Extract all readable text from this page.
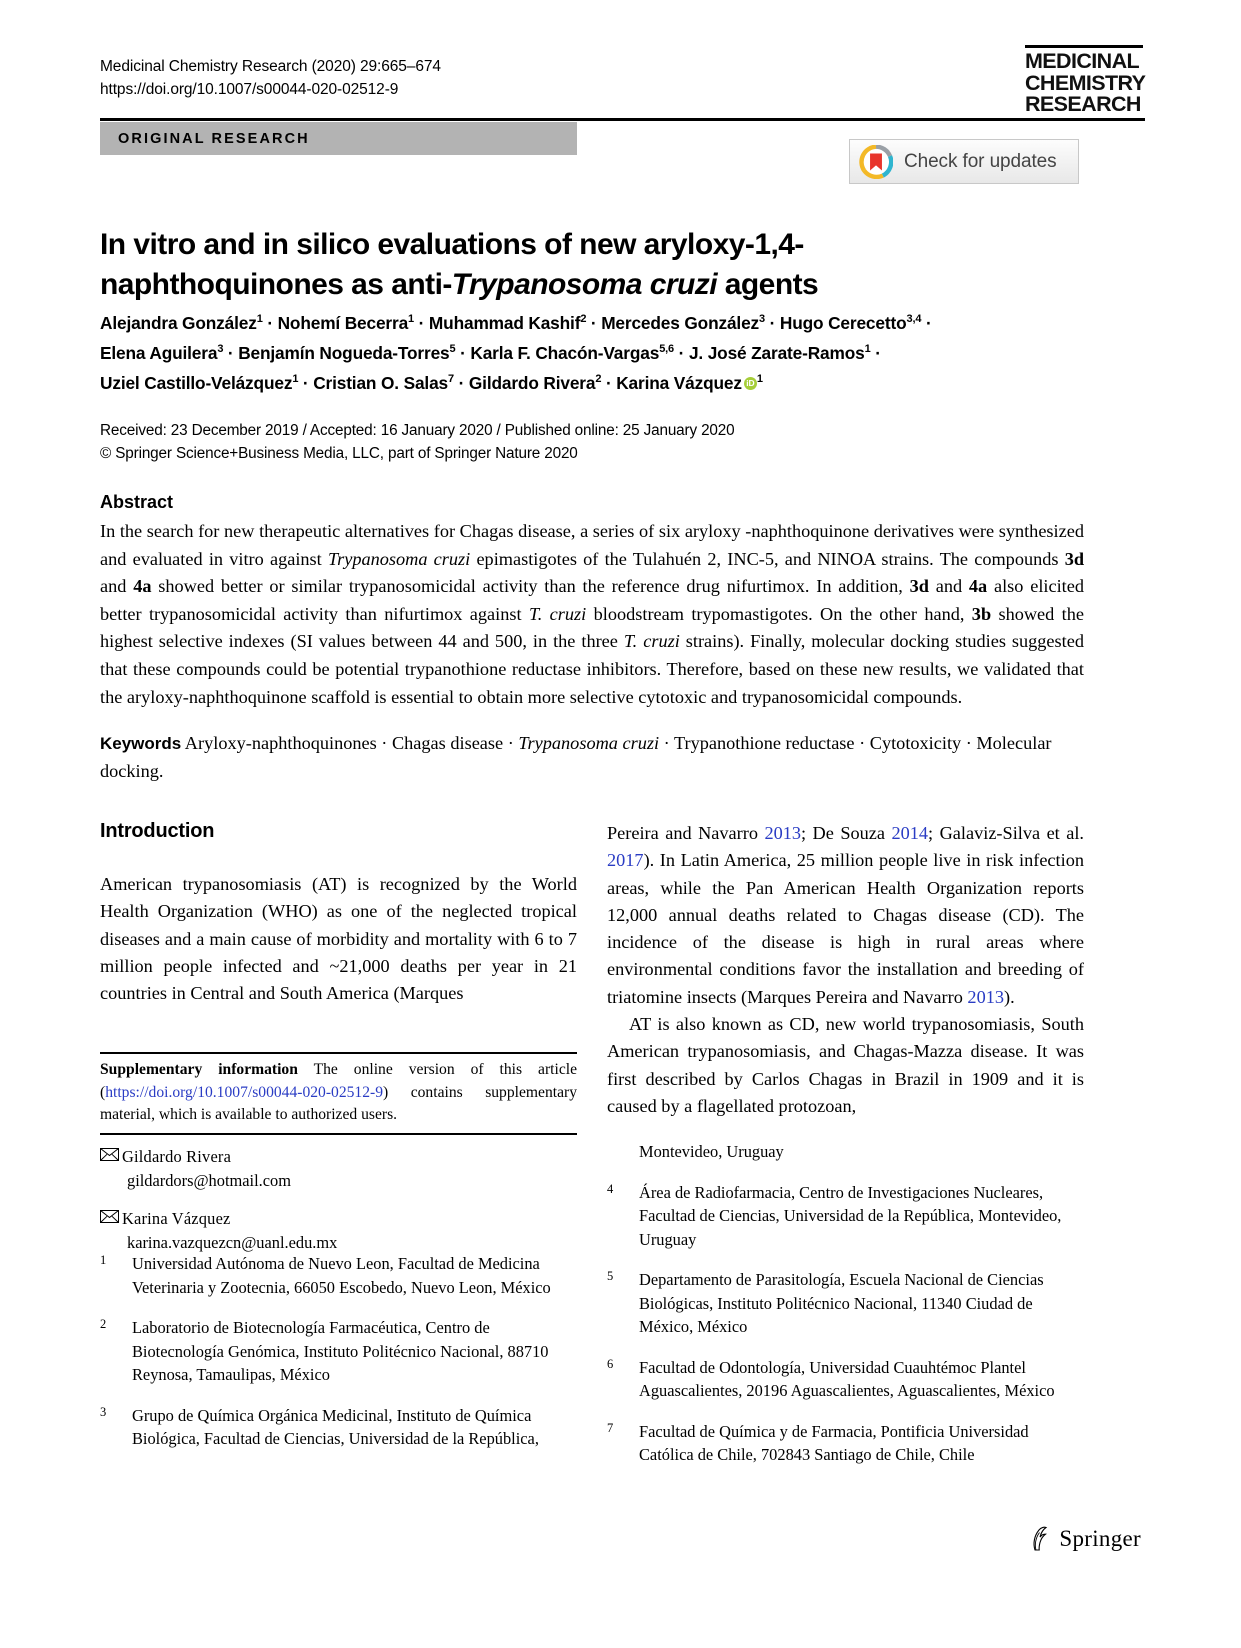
Medicinal Chemistry Research (2020) 29:665–674
https://doi.org/10.1007/s00044-020-02512-9
MEDICINAL
CHEMISTRY
RESEARCH
ORIGINAL RESEARCH
Check for updates
In vitro and in silico evaluations of new aryloxy-1,4-
naphthoquinones as anti-Trypanosoma cruzi agents
Alejandra González$^1$ · Nohemí Becerra$^1$ · Muhammad Kashif$^2$ · Mercedes González$^3$ · Hugo Cerecetto$^{3,4}$ ·
Elena Aguilera$^3$ · Benjamín Nogueda-Torres$^5$ · Karla F. Chacón-Vargas$^{5,6}$ · J. José Zarate-Ramos$^1$ ·
Uziel Castillo-Velázquez$^1$ · Cristian O. Salas$^7$ · Gildardo Rivera$^2$ · Karina Vázquez iD $^1$
Received: 23 December 2019 / Accepted: 16 January 2020 / Published online: 25 January 2020
© Springer Science+Business Media, LLC, part of Springer Nature 2020
Abstract
In the search for new therapeutic alternatives for Chagas disease, a series of six aryloxy -naphthoquinone derivatives were synthesized and evaluated in vitro against Trypanosoma cruzi epimastigotes of the Tulahuén 2, INC-5, and NINOA strains. The compounds 3d and 4a showed better or similar trypanosomicidal activity than the reference drug nifurtimox. In addition, 3d and 4a also elicited better trypanosomicidal activity than nifurtimox against T. cruzi bloodstream trypomastigotes. On the other hand, 3b showed the highest selective indexes (SI values between 44 and 500, in the three T. cruzi strains). Finally, molecular docking studies suggested that these compounds could be potential trypanothione reductase inhibitors. Therefore, based on these new results, we validated that the aryloxy-naphthoquinone scaffold is essential to obtain more selective cytotoxic and trypanosomicidal compounds.
Keywords Aryloxy-naphthoquinones · Chagas disease · Trypanosoma cruzi · Trypanothione reductase · Cytotoxicity · Molecular docking.
Introduction

American trypanosomiasis (AT) is recognized by the World Health Organization (WHO) as one of the neglected tropical diseases and a main cause of morbidity and mortality with 6 to 7 million people infected and ~21,000 deaths per year in 21 countries in Central and South America (Marques

Pereira and Navarro 2013; De Souza 2014; Galaviz-Silva et al. 2017). In Latin America, 25 million people live in risk infection areas, while the Pan American Health Organization reports 12,000 annual deaths related to Chagas disease (CD). The incidence of the disease is high in rural areas where environmental conditions favor the installation and breeding of triatomine insects (Marques Pereira and Navarro 2013).

AT is also known as CD, new world trypanosomiasis, South American trypanosomiasis, and Chagas-Mazza disease. It was first described by Carlos Chagas in Brazil in 1909 and it is caused by a flagellated protozoan,

Supplementary information The online version of this article (https://doi.org/10.1007/s00044-020-02512-9) contains supplementary material, which is available to authorized users.
Gildardo Rivera
gildardors@hotmail.com
Karina Vázquez
karina.vazquezcn@uanl.edu.mx
1	Universidad Autónoma de Nuevo Leon, Facultad de Medicina Veterinaria y Zootecnia, 66050 Escobedo, Nuevo Leon, México
2	Laboratorio de Biotecnología Farmacéutica, Centro de Biotecnología Genómica, Instituto Politécnico Nacional, 88710 Reynosa, Tamaulipas, México
3	Grupo de Química Orgánica Medicinal, Instituto de Química Biológica, Facultad de Ciencias, Universidad de la República,
Montevideo, Uruguay
4	Área de Radiofarmacia, Centro de Investigaciones Nucleares, Facultad de Ciencias, Universidad de la República, Montevideo, Uruguay
5	Departamento de Parasitología, Escuela Nacional de Ciencias Biológicas, Instituto Politécnico Nacional, 11340 Ciudad de México, México
6	Facultad de Odontología, Universidad Cuauhtémoc Plantel Aguascalientes, 20196 Aguascalientes, Aguascalientes, México
7	Facultad de Química y de Farmacia, Pontificia Universidad Católica de Chile, 702843 Santiago de Chile, Chile
Springer
